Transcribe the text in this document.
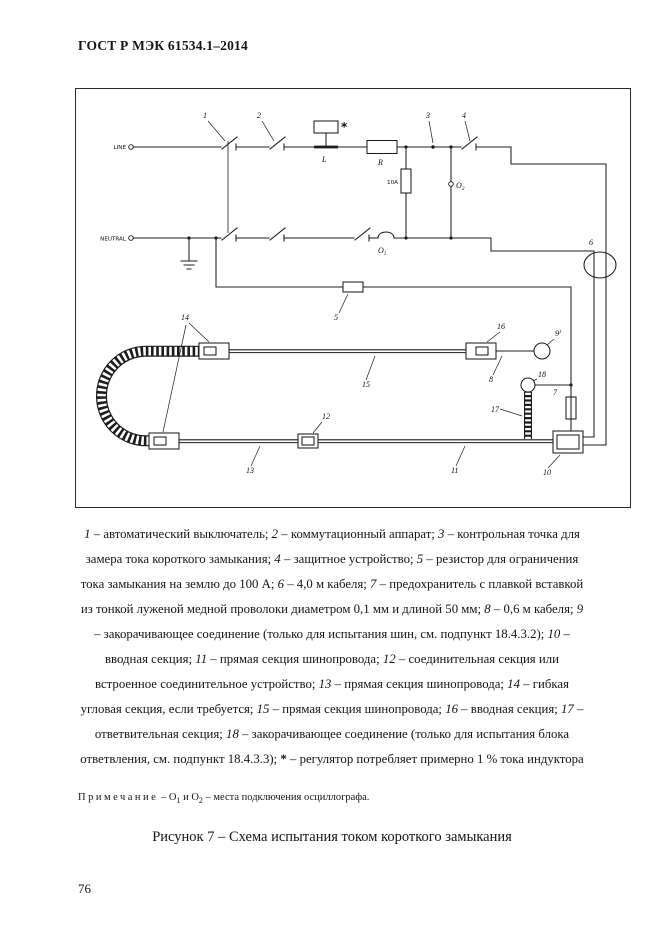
ГОСТ Р МЭК 61534.1–2014
LINE
NEUTRAL
*
L	R
10A	$O_2$
$O_1$
1	2	3	4
5
6
7
8
9)
10
11
12
13
14
15
16
17
18

1 – автоматический выключатель; 2 – коммутационный аппарат; 3 – контрольная точка для замера тока короткого замыкания; 4 – защитное устройство; 5 – резистор для ограничения тока замыкания на землю до 100 А; 6 – 4,0 м кабеля; 7 – предохранитель с плавкой вставкой из тонкой луженой медной проволоки диаметром 0,1 мм и длиной 50 мм; 8 – 0,6 м кабеля; 9 – закорачивающее соединение (только для испытания шин, см. подпункт 18.4.3.2); 10 – вводная секция; 11 – прямая секция шинопровода; 12 – соединительная секция или встроенное соединительное устройство; 13 – прямая секция шинопровода; 14 – гибкая угловая секция, если требуется; 15 – прямая секция шинопровода; 16 – вводная секция; 17 – ответвительная секция; 18 – закорачивающее соединение (только для испытания блока ответвления, см. подпункт 18.4.3.3); * – регулятор потребляет примерно 1 % тока индуктора

Примечание – $О_1$ и $О_2$ – места подключения осциллографа.

Рисунок 7 – Схема испытания током короткого замыкания

76
